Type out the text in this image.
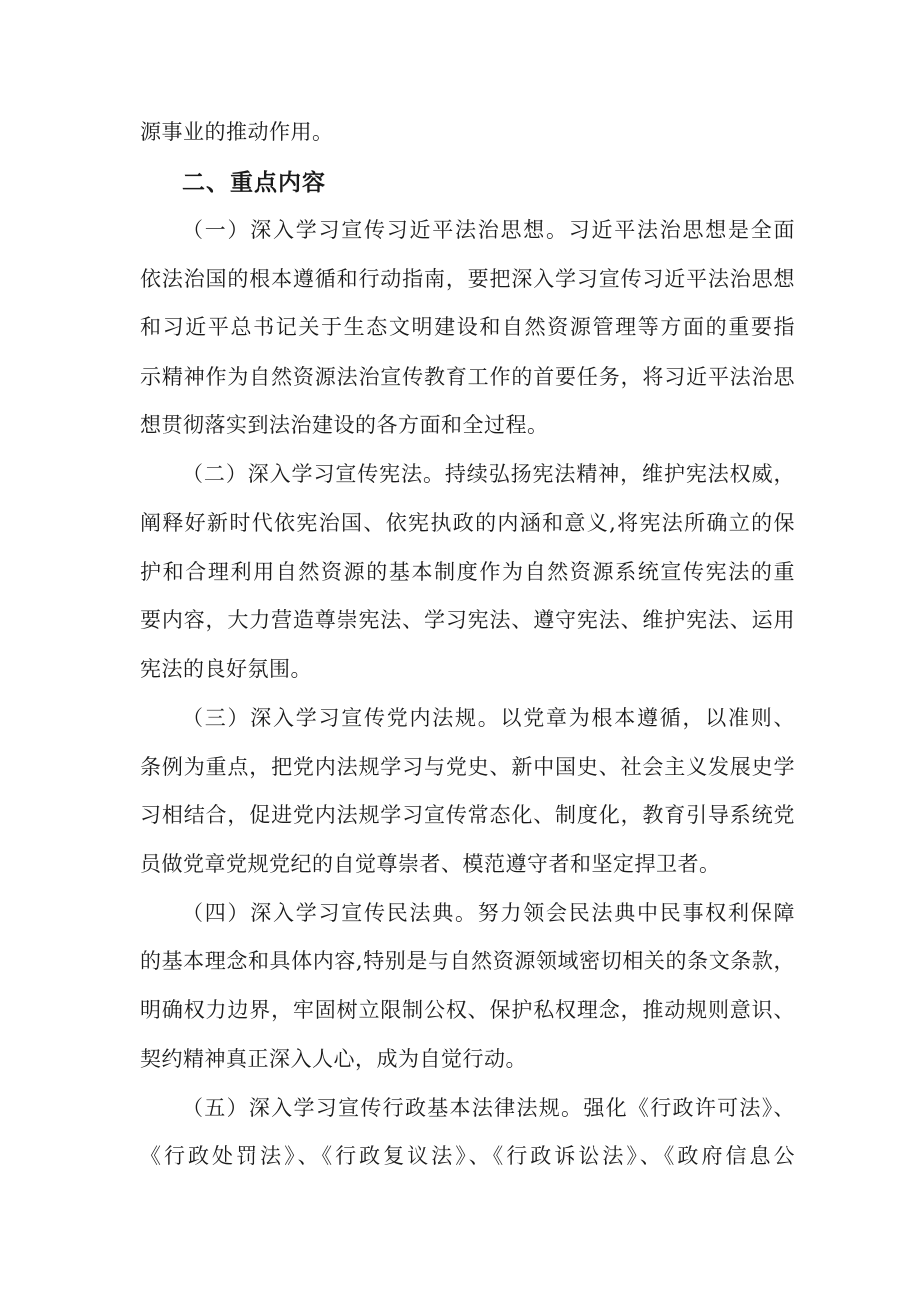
源事业的推动作用。
二、重点内容
（一）深入学习宣传习近平法治思想。习近平法治思想是全面
依法治国的根本遵循和行动指南，要把深入学习宣传习近平法治思想
和习近平总书记关于生态文明建设和自然资源管理等方面的重要指
示精神作为自然资源法治宣传教育工作的首要任务，将习近平法治思
想贯彻落实到法治建设的各方面和全过程。
（二）深入学习宣传宪法。持续弘扬宪法精神，维护宪法权威，
阐释好新时代依宪治国、依宪执政的内涵和意义,将宪法所确立的保
护和合理利用自然资源的基本制度作为自然资源系统宣传宪法的重
要内容，大力营造尊崇宪法、学习宪法、遵守宪法、维护宪法、运用
宪法的良好氛围。
（三）深入学习宣传党内法规。以党章为根本遵循，以准则、
条例为重点，把党内法规学习与党史、新中国史、社会主义发展史学
习相结合，促进党内法规学习宣传常态化、制度化，教育引导系统党
员做党章党规党纪的自觉尊崇者、模范遵守者和坚定捍卫者。
（四）深入学习宣传民法典。努力领会民法典中民事权利保障
的基本理念和具体内容,特别是与自然资源领域密切相关的条文条款，
明确权力边界，牢固树立限制公权、保护私权理念，推动规则意识、
契约精神真正深入人心，成为自觉行动。
（五）深入学习宣传行政基本法律法规。强化《行政许可法》、
《行政处罚法》、《行政复议法》、《行政诉讼法》、《政府信息公
